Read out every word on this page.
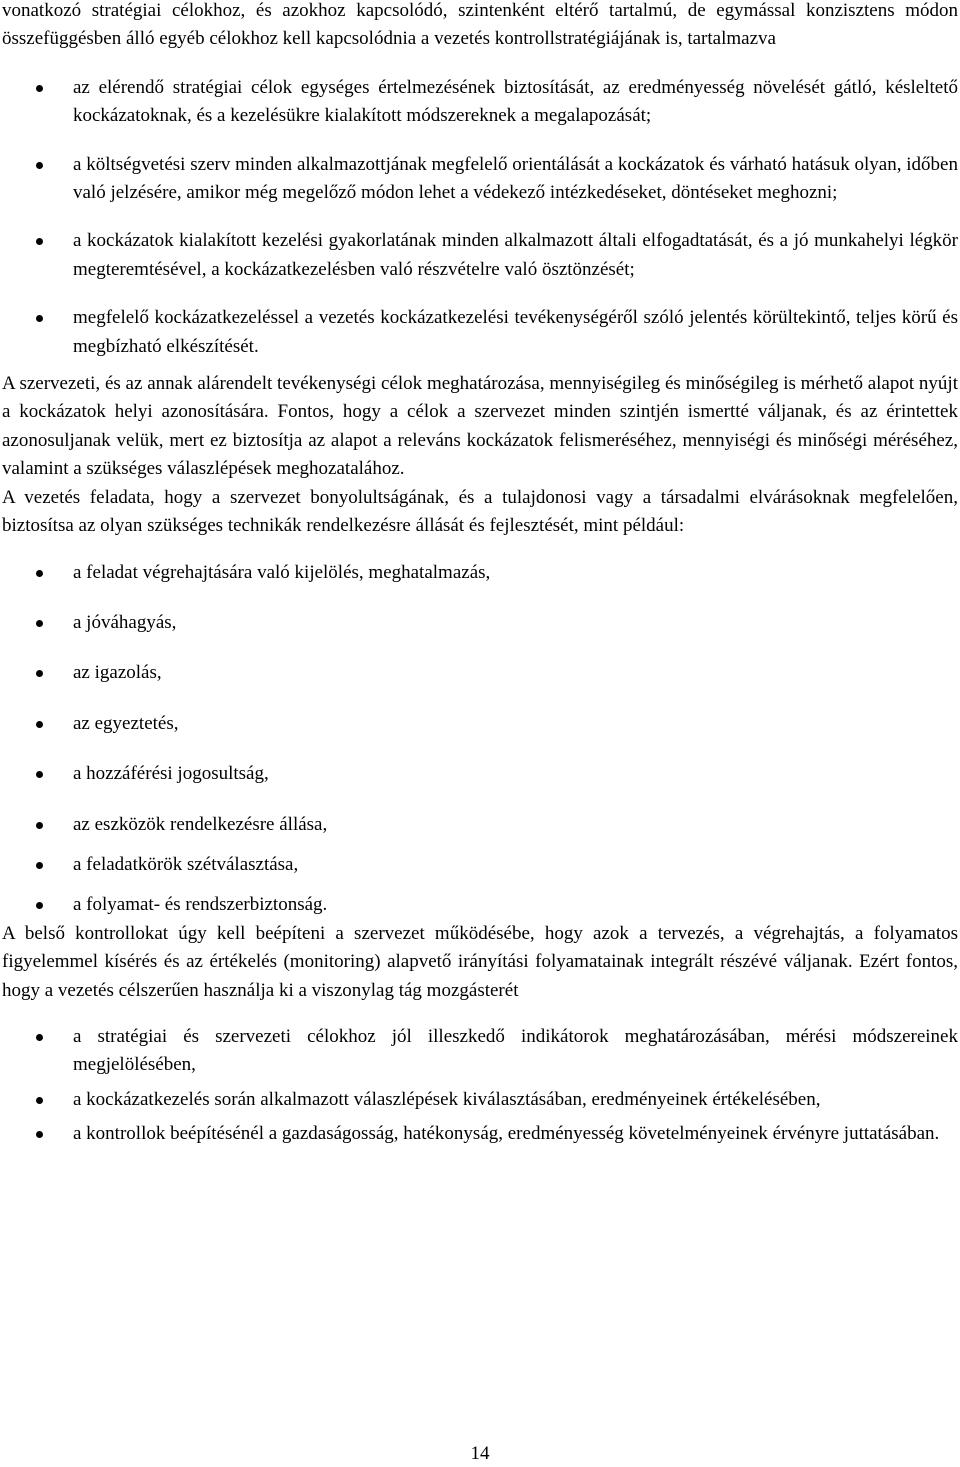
vonatkozó stratégiai célokhoz, és azokhoz kapcsolódó, szintenként eltérő tartalmú, de egymással konzisztens módon összefüggésben álló egyéb célokhoz kell kapcsolódnia a vezetés kontrollstratégiájának is, tartalmazva

az elérendő stratégiai célok egységes értelmezésének biztosítását, az eredményesség növelését gátló, késleltető kockázatoknak, és a kezelésükre kialakított módszereknek a megalapozását;
a költségvetési szerv minden alkalmazottjának megfelelő orientálását a kockázatok és várható hatásuk olyan, időben való jelzésére, amikor még megelőző módon lehet a védekező intézkedéseket, döntéseket meghozni;
a kockázatok kialakított kezelési gyakorlatának minden alkalmazott általi elfogadtatását, és a jó munkahelyi légkör megteremtésével, a kockázatkezelésben való részvételre való ösztönzését;
megfelelő kockázatkezeléssel a vezetés kockázatkezelési tevékenységéről szóló jelentés körültekintő, teljes körű és megbízható elkészítését.

A szervezeti, és az annak alárendelt tevékenységi célok meghatározása, mennyiségileg és minőségileg is mérhető alapot nyújt a kockázatok helyi azonosítására. Fontos, hogy a célok a szervezet minden szintjén ismertté váljanak, és az érintettek azonosuljanak velük, mert ez biztosítja az alapot a releváns kockázatok felismeréséhez, mennyiségi és minőségi méréséhez, valamint a szükséges válaszlépések meghozatalához.

A vezetés feladata, hogy a szervezet bonyolultságának, és a tulajdonosi vagy a társadalmi elvárásoknak megfelelően, biztosítsa az olyan szükséges technikák rendelkezésre állását és fejlesztését, mint például:

a feladat végrehajtására való kijelölés, meghatalmazás,
a jóváhagyás,
az igazolás,
az egyeztetés,
a hozzáférési jogosultság,
az eszközök rendelkezésre állása,
a feladatkörök szétválasztása,
a folyamat- és rendszerbiztonság.

A belső kontrollokat úgy kell beépíteni a szervezet működésébe, hogy azok a tervezés, a végrehajtás, a folyamatos figyelemmel kísérés és az értékelés (monitoring) alapvető irányítási folyamatainak integrált részévé váljanak. Ezért fontos, hogy a vezetés célszerűen használja ki a viszonylag tág mozgásterét

a stratégiai és szervezeti célokhoz jól illeszkedő indikátorok meghatározásában, mérési módszereinek megjelölésében,
a kockázatkezelés során alkalmazott válaszlépések kiválasztásában, eredményeinek értékelésében,
a kontrollok beépítésénél a gazdaságosság, hatékonyság, eredményesség követelményeinek érvényre juttatásában.
14
